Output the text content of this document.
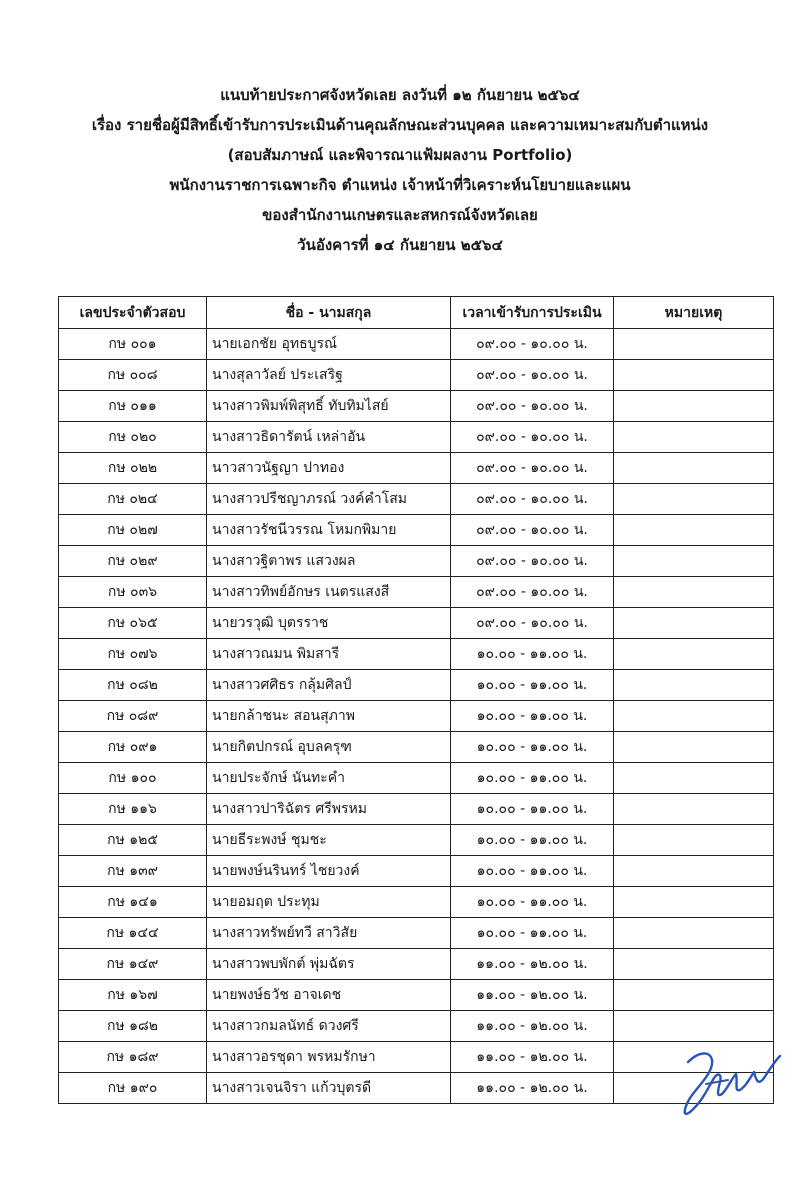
แนบท้ายประกาศจังหวัดเลย ลงวันที่ ๑๒ กันยายน ๒๕๖๔
เรื่อง รายชื่อผู้มีสิทธิ์เข้ารับการประเมินด้านคุณลักษณะส่วนบุคคล และความเหมาะสมกับตำแหน่ง
(สอบสัมภาษณ์ และพิจารณาแฟ้มผลงาน Portfolio)
พนักงานราชการเฉพาะกิจ ตำแหน่ง เจ้าหน้าที่วิเคราะห์นโยบายและแผน
ของสำนักงานเกษตรและสหกรณ์จังหวัดเลย
วันอังคารที่ ๑๔ กันยายน ๒๕๖๔
เลขประจำตัวสอบ	ชื่อ - นามสกุล	เวลาเข้ารับการประเมิน	หมายเหตุ
กษ ๐๐๑	นายเอกชัย อุทธบูรณ์	๐๙.๐๐ - ๑๐.๐๐ น.	
กษ ๐๐๘	นางสุลาวัลย์ ประเสริฐ	๐๙.๐๐ - ๑๐.๐๐ น.	
กษ ๐๑๑	นางสาวพิมพ์พิสุทธิ์ ทับทิมไสย์	๐๙.๐๐ - ๑๐.๐๐ น.	
กษ ๐๒๐	นางสาวธิดารัตน์ เหล่าอัน	๐๙.๐๐ - ๑๐.๐๐ น.	
กษ ๐๒๒	นาวสาวนัฐญา ปาทอง	๐๙.๐๐ - ๑๐.๐๐ น.	
กษ ๐๒๔	นางสาวปรีชญาภรณ์ วงค์คำโสม	๐๙.๐๐ - ๑๐.๐๐ น.	
กษ ๐๒๗	นางสาวรัชนีวรรณ โหมกพิมาย	๐๙.๐๐ - ๑๐.๐๐ น.	
กษ ๐๒๙	นางสาวฐิตาพร แสวงผล	๐๙.๐๐ - ๑๐.๐๐ น.	
กษ ๐๓๖	นางสาวทิพย์อักษร เนตรแสงสี	๐๙.๐๐ - ๑๐.๐๐ น.	
กษ ๐๖๕	นายวรวุฒิ บุตรราช	๐๙.๐๐ - ๑๐.๐๐ น.	
กษ ๐๗๖	นางสาวณมน พิมสารี	๑๐.๐๐ - ๑๑.๐๐ น.	
กษ ๐๘๒	นางสาวศศิธร กลุ้มศิลป์	๑๐.๐๐ - ๑๑.๐๐ น.	
กษ ๐๘๙	นายกล้าชนะ สอนสุภาพ	๑๐.๐๐ - ๑๑.๐๐ น.	
กษ ๐๙๑	นายกิตปกรณ์ อุบลครุฑ	๑๐.๐๐ - ๑๑.๐๐ น.	
กษ ๑๐๐	นายประจักษ์ นันทะคำ	๑๐.๐๐ - ๑๑.๐๐ น.	
กษ ๑๑๖	นางสาวปาริฉัตร ศรีพรหม	๑๐.๐๐ - ๑๑.๐๐ น.	
กษ ๑๒๕	นายธีระพงษ์ ชุมชะ	๑๐.๐๐ - ๑๑.๐๐ น.	
กษ ๑๓๙	นายพงษ์นรินทร์ ไชยวงค์	๑๐.๐๐ - ๑๑.๐๐ น.	
กษ ๑๔๑	นายอมฤต ประทุม	๑๐.๐๐ - ๑๑.๐๐ น.	
กษ ๑๔๔	นางสาวทรัพย์ทวี สาวิสัย	๑๐.๐๐ - ๑๑.๐๐ น.	
กษ ๑๔๙	นางสาวพบพักต์ พุ่มฉัตร	๑๑.๐๐ - ๑๒.๐๐ น.	
กษ ๑๖๗	นายพงษ์ธวัช อาจเดช	๑๑.๐๐ - ๑๒.๐๐ น.	
กษ ๑๘๒	นางสาวกมลนัทธ์ ดวงศรี	๑๑.๐๐ - ๑๒.๐๐ น.	
กษ ๑๘๙	นางสาวอรชุดา พรหมรักษา	๑๑.๐๐ - ๑๒.๐๐ น.	
กษ ๑๙๐	นางสาวเจนจิรา แก้วบุตรดี	๑๑.๐๐ - ๑๒.๐๐ น.	
